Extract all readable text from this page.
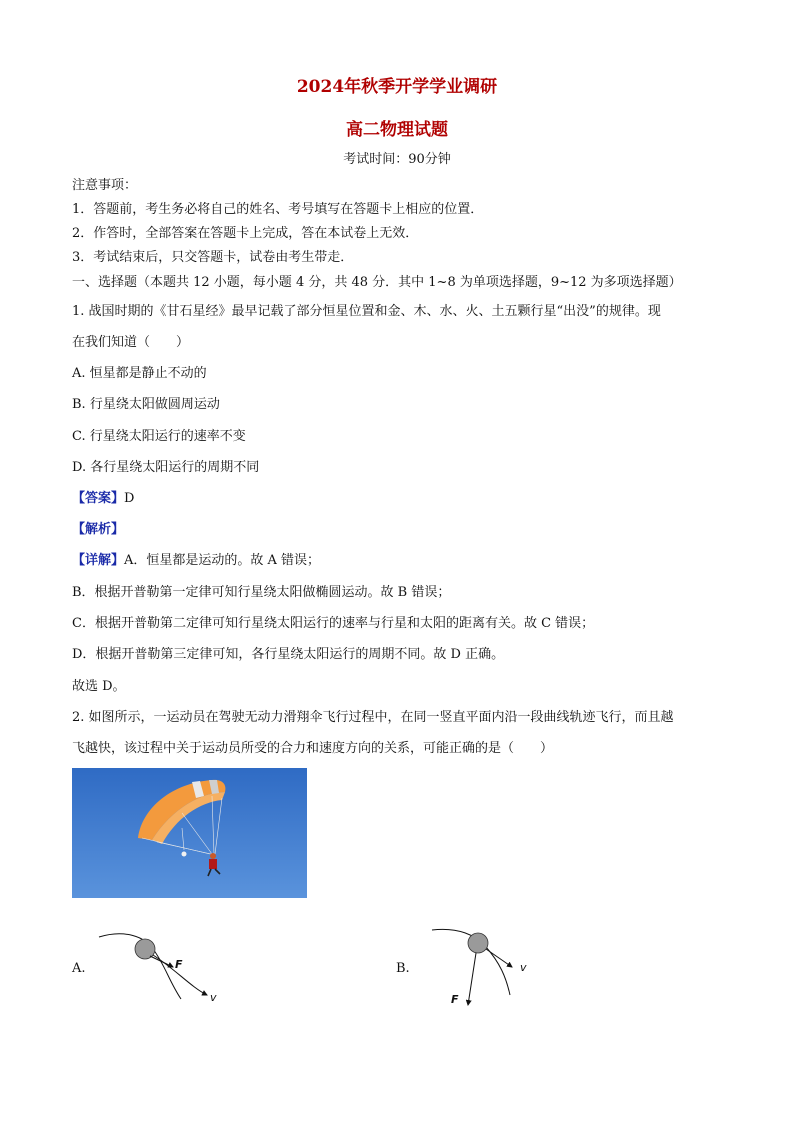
2024年秋季开学学业调研
高二物理试题
考试时间：90分钟
注意事项：
1．答题前，考生务必将自己的姓名、考号填写在答题卡上相应的位置．
2．作答时，全部答案在答题卡上完成，答在本试卷上无效．
3．考试结束后，只交答题卡，试卷由考生带走．
一、选择题（本题共 12 小题，每小题 4 分，共 48 分．其中 1~8 为单项选择题，9~12 为多项选择题）
1. 战国时期的《甘石星经》最早记载了部分恒星位置和金、木、水、火、土五颗行星“出没”的规律。现
在我们知道（　　）
A. 恒星都是静止不动的
B. 行星绕太阳做圆周运动
C. 行星绕太阳运行的速率不变
D. 各行星绕太阳运行的周期不同
【答案】D
【解析】
【详解】A．恒星都是运动的。故 A 错误；
B．根据开普勒第一定律可知行星绕太阳做椭圆运动。故 B 错误；
C．根据开普勒第二定律可知行星绕太阳运行的速率与行星和太阳的距离有关。故 C 错误；
D．根据开普勒第三定律可知，各行星绕太阳运行的周期不同。故 D 正确。
故选 D。
2. 如图所示，一运动员在驾驶无动力滑翔伞飞行过程中，在同一竖直平面内沿一段曲线轨迹飞行，而且越
飞越快，该过程中关于运动员所受的合力和速度方向的关系，可能正确的是（　　）
A.	F
v
B.	v
F
